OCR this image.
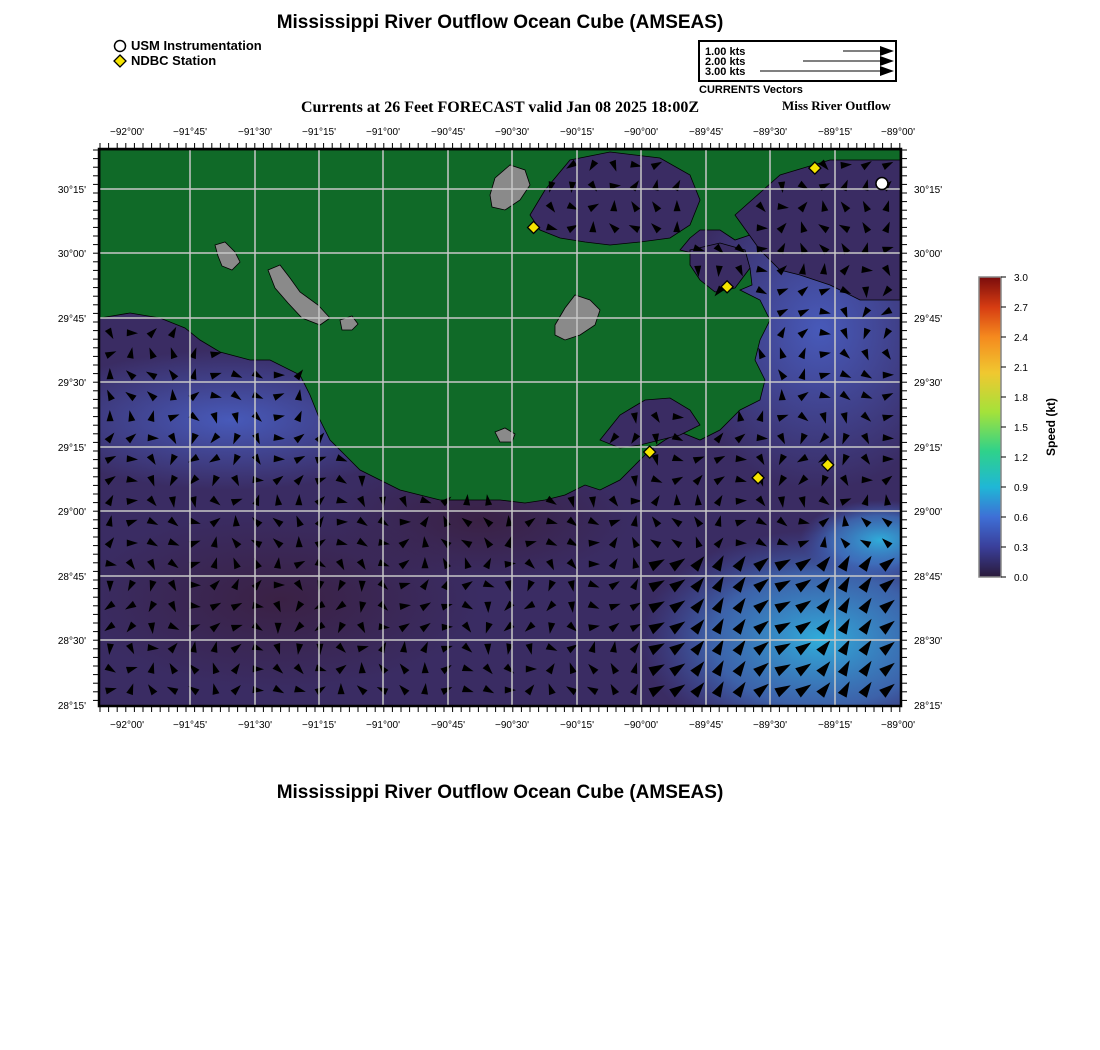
Mississippi River Outflow Ocean Cube (AMSEAS)
USM Instrumentation
NDBC Station
1.00 kts
2.00 kts
3.00 kts
CURRENTS Vectors
Currents at 26 Feet FORECAST valid Jan 08 2025 18:00Z	Miss River Outflow
−92°00'	−91°45'	−91°30'	−91°15'	−91°00'	−90°45'	−90°30'	−90°15'	−90°00'	−89°45'	−89°30'	−89°15'	−89°00'
−92°00'	−91°45'	−91°30'	−91°15'	−91°00'	−90°45'	−90°30'	−90°15'	−90°00'	−89°45'	−89°30'	−89°15'	−89°00'
30°15'
30°00'
29°45'
29°30'
29°15'
29°00'
28°45'
28°30'
28°15'
30°15'
30°00'
29°45'
29°30'
29°15'
29°00'
28°45'
28°30'
28°15'
3.0
2.7
2.4
2.1
1.8
1.5
1.2
0.9
0.6
0.3
0.0
Speed (kt)
Mississippi River Outflow Ocean Cube (AMSEAS)
